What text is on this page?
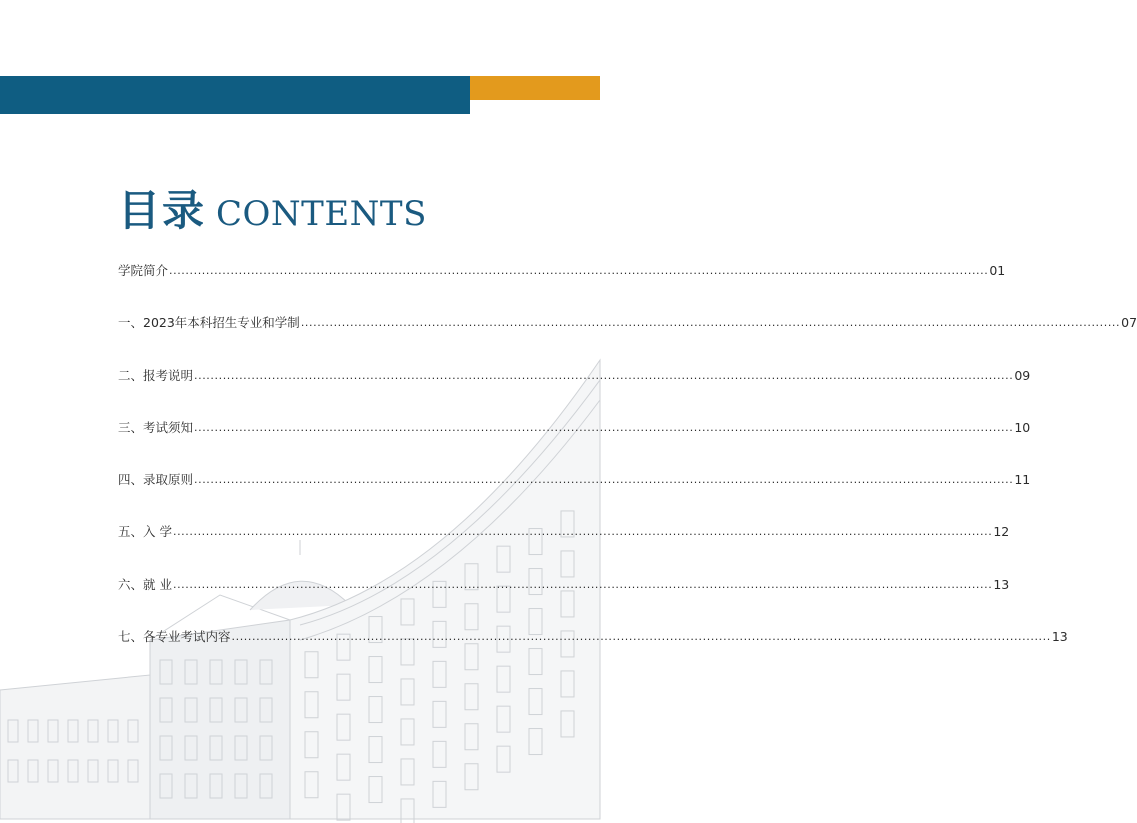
目录 CONTENTS
学院简介 ........................................................................................................................................................................................................ 01
一、2023年本科招生专业和学制 ........................................................................................................................................................................................................ 07
二、报考说明 ........................................................................................................................................................................................................ 09
三、考试须知 ........................................................................................................................................................................................................ 10
四、录取原则 ........................................................................................................................................................................................................ 11
五、入 学 ........................................................................................................................................................................................................ 12
六、就 业 ........................................................................................................................................................................................................ 13
七、各专业考试内容 ........................................................................................................................................................................................................ 13
